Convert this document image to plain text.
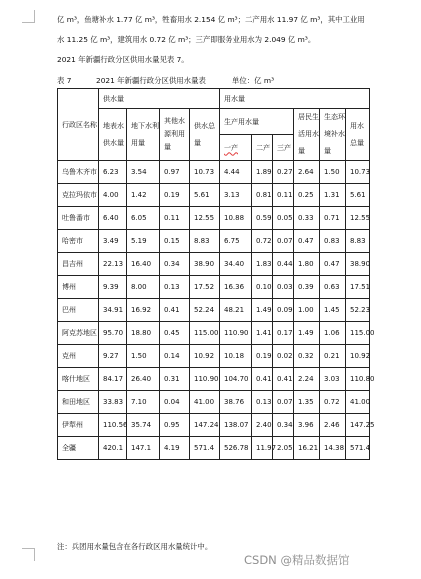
亿 m³，鱼塘补水 1.77 亿 m³，牲畜用水 2.154 亿 m³；二产用水 11.97 亿 m³，其中工业用
水 11.25 亿 m³，建筑用水 0.72 亿 m³；三产即服务业用水为 2.049 亿 m³。
2021 年新疆行政分区供用水量见表 7。
表 7	2021 年新疆行政分区供用水量表	单位：亿 m³
行政区名称	供水量				用水量					
	地表水供水量	地下水利用量	其他水源利用量	供水总量	生产用水量			居民生活用水量	生态环境补水量	用水总量
					一产	二产	三产			
乌鲁木齐市	6.23	3.54	0.97	10.73	4.44	1.89	0.27	2.64	1.50	10.73
克拉玛依市	4.00	1.42	0.19	5.61	3.13	0.81	0.11	0.25	1.31	5.61
吐鲁番市	6.40	6.05	0.11	12.55	10.88	0.59	0.05	0.33	0.71	12.55
哈密市	3.49	5.19	0.15	8.83	6.75	0.72	0.07	0.47	0.83	8.83
昌吉州	22.13	16.40	0.34	38.90	34.40	1.83	0.44	1.80	0.47	38.90
博州	9.39	8.00	0.13	17.52	16.36	0.10	0.03	0.39	0.63	17.51
巴州	34.91	16.92	0.41	52.24	48.21	1.49	0.09	1.00	1.45	52.23
阿克苏地区	95.70	18.80	0.45	115.00	110.90	1.41	0.17	1.49	1.06	115.00
克州	9.27	1.50	0.14	10.92	10.18	0.19	0.02	0.32	0.21	10.92
喀什地区	84.17	26.40	0.31	110.90	104.70	0.41	0.41	2.24	3.03	110.80
和田地区	33.83	7.10	0.04	41.00	38.76	0.13	0.07	1.35	0.72	41.00
伊犁州	110.56	35.74	0.95	147.24	138.07	2.40	0.34	3.96	2.46	147.25
全疆	420.1	147.1	4.19	571.4	526.78	11.97	2.05	16.21	14.38	571.4
注：兵团用水量包含在各行政区用水量统计中。
CSDN @精品数据馆
